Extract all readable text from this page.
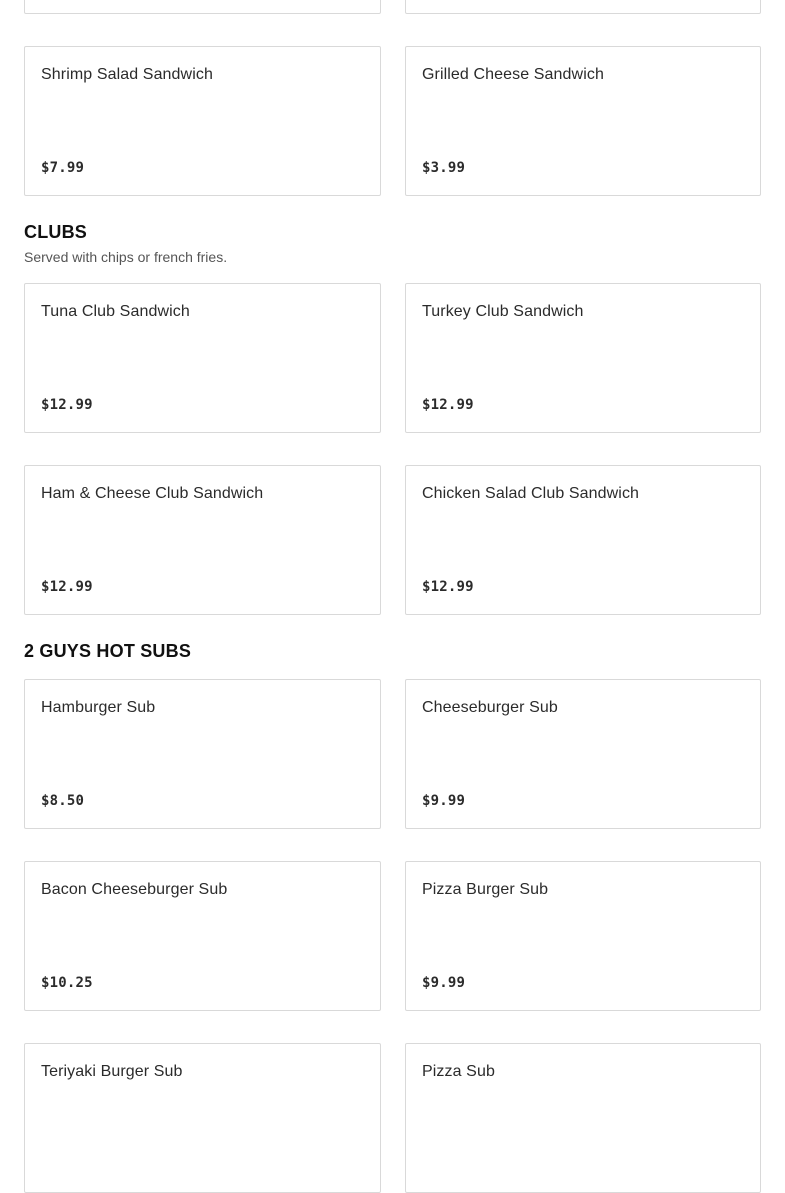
Shrimp Salad Sandwich
$7.99
Grilled Cheese Sandwich
$3.99
CLUBS
Served with chips or french fries.
Tuna Club Sandwich
$12.99
Turkey Club Sandwich
$12.99
Ham & Cheese Club Sandwich
$12.99
Chicken Salad Club Sandwich
$12.99
2 GUYS HOT SUBS
Hamburger Sub
$8.50
Cheeseburger Sub
$9.99
Bacon Cheeseburger Sub
$10.25
Pizza Burger Sub
$9.99
Teriyaki Burger Sub	Pizza Sub
